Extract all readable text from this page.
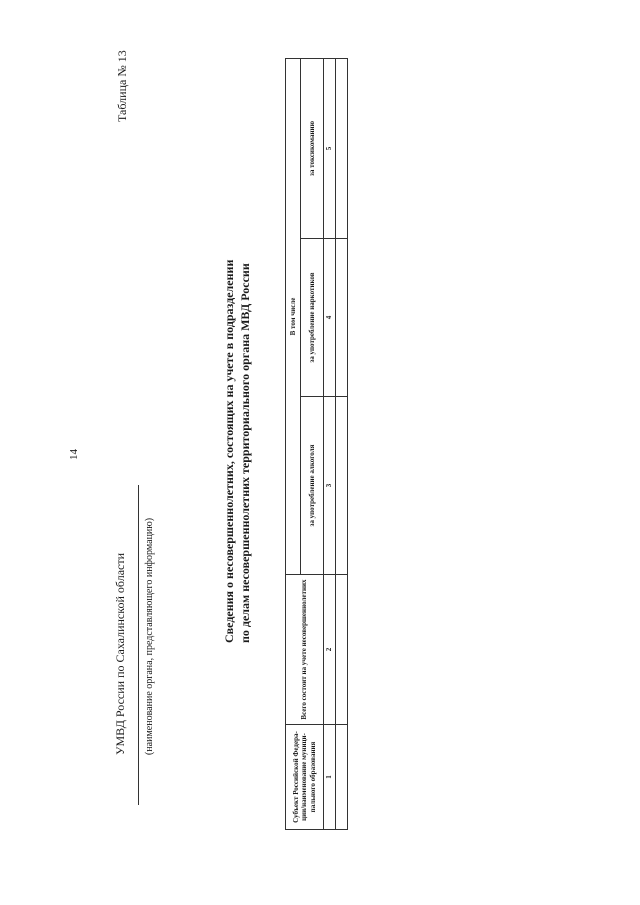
14
Таблица № 13
УМВД России по Сахалинской области (наименование органа, представляющего информацию)	Сведения о несовершеннолетних, состоящих на учете в подразделении по делам несовершеннолетних территориального органа МВД России
Субъект Российской Федера-ции/наименование муници-пального образования	Всего состоит на учете несовершеннолетних	В том числе		
		за употребление алкоголя	за употребление наркотиков	за токсикоманию
1	2	3	4	5
